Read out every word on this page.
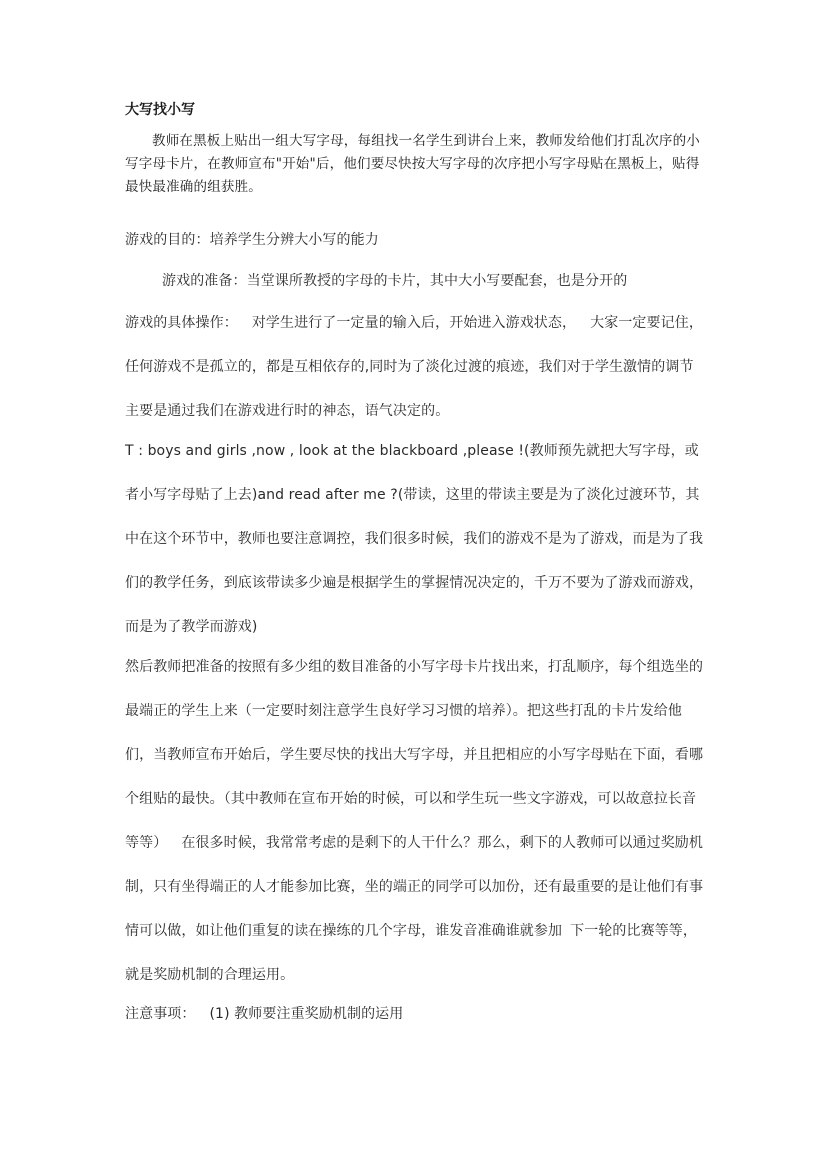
大写找小写

教师在黑板上贴出一组大写字母，每组找一名学生到讲台上来，教师发给他们打乱次序的小写字母卡片，在教师宣布"开始"后，他们要尽快按大写字母的次序把小写字母贴在黑板上，贴得最快最准确的组获胜。

游戏的目的：培养学生分辨大小写的能力

游戏的准备：当堂课所教授的字母的卡片，其中大小写要配套，也是分开的

游戏的具体操作： 对学生进行了一定量的输入后，开始进入游戏状态， 大家一定要记住，任何游戏不是孤立的，都是互相依存的,同时为了淡化过渡的痕迹，我们对于学生激情的调节主要是通过我们在游戏进行时的神态，语气决定的。

T : boys and girls ,now , look at the blackboard ,please !(教师预先就把大写字母，或者小写字母贴了上去)and read after me ?(带读，这里的带读主要是为了淡化过渡环节，其中在这个环节中，教师也要注意调控，我们很多时候，我们的游戏不是为了游戏，而是为了我们的教学任务，到底该带读多少遍是根据学生的掌握情况决定的，千万不要为了游戏而游戏，而是为了教学而游戏)

然后教师把准备的按照有多少组的数目准备的小写字母卡片找出来，打乱顺序，每个组选坐的最端正的学生上来（一定要时刻注意学生良好学习习惯的培养）。把这些打乱的卡片发给他们，当教师宣布开始后，学生要尽快的找出大写字母，并且把相应的小写字母贴在下面，看哪个组贴的最快。（其中教师在宣布开始的时候，可以和学生玩一些文字游戏，可以故意拉长音等等） 在很多时候，我常常考虑的是剩下的人干什么？那么，剩下的人教师可以通过奖励机制，只有坐得端正的人才能参加比赛，坐的端正的同学可以加份，还有最重要的是让他们有事情可以做，如让他们重复的读在操练的几个字母，谁发音准确谁就参加 下一轮的比赛等等，就是奖励机制的合理运用。

注意事项： (1) 教师要注重奖励机制的运用
